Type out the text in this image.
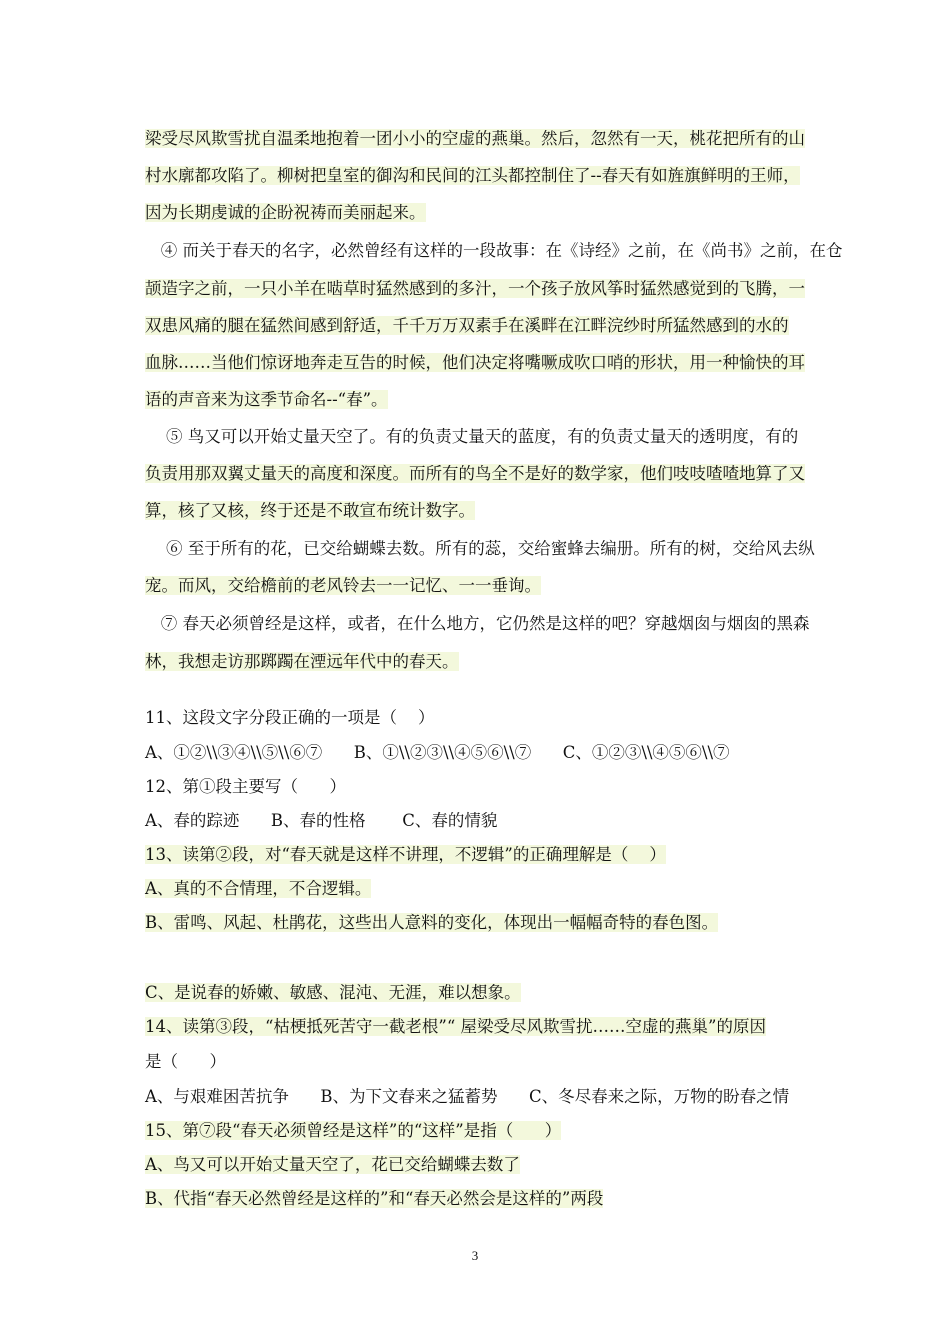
梁受尽风欺雪扰自温柔地抱着一团小小的空虚的燕巢。然后，忽然有一天，桃花把所有的山
村水廓都攻陷了。柳树把皇室的御沟和民间的江头都控制住了--春天有如旌旗鲜明的王师，
因为长期虔诚的企盼祝祷而美丽起来。
④ 而关于春天的名字，必然曾经有这样的一段故事：在《诗经》之前，在《尚书》之前，在仓
颉造字之前，一只小羊在啮草时猛然感到的多汁，一个孩子放风筝时猛然感觉到的飞腾，一
双患风痛的腿在猛然间感到舒适，千千万万双素手在溪畔在江畔浣纱时所猛然感到的水的
血脉……当他们惊讶地奔走互告的时候，他们决定将嘴噘成吹口哨的形状，用一种愉快的耳
语的声音来为这季节命名--“春”。
⑤ 鸟又可以开始丈量天空了。有的负责丈量天的蓝度，有的负责丈量天的透明度，有的
负责用那双翼丈量天的高度和深度。而所有的鸟全不是好的数学家，他们吱吱喳喳地算了又
算，核了又核，终于还是不敢宣布统计数字。
⑥ 至于所有的花，已交给蝴蝶去数。所有的蕊，交给蜜蜂去编册。所有的树，交给风去纵
宠。而风，交给檐前的老风铃去一一记忆、一一垂询。
⑦ 春天必须曾经是这样，或者，在什么地方，它仍然是这样的吧？穿越烟囱与烟囱的黑森
林，我想走访那踯躅在湮远年代中的春天。
11、这段文字分段正确的一项是（    ）
A、①②\\③④\\⑤\\⑥⑦      B、①\\②③\\④⑤⑥\\⑦      C、①②③\\④⑤⑥\\⑦
12、第①段主要写（      ）
A、春的踪迹      B、春的性格       C、春的情貌
13、读第②段，对“春天就是这样不讲理，不逻辑”的正确理解是（    ）
A、真的不合情理，不合逻辑。
B、雷鸣、风起、杜鹃花，这些出人意料的变化，体现出一幅幅奇特的春色图。
C、是说春的娇嫩、敏感、混沌、无涯，难以想象。
14、读第③段，“枯梗抵死苦守一截老根”“ 屋梁受尽风欺雪扰……空虚的燕巢”的原因
是（      ）
A、与艰难困苦抗争      B、为下文春来之猛蓄势      C、冬尽春来之际，万物的盼春之情
15、第⑦段“春天必须曾经是这样”的“这样”是指（      ）
A、鸟又可以开始丈量天空了，花已交给蝴蝶去数了
B、代指“春天必然曾经是这样的”和“春天必然会是这样的”两段
3
